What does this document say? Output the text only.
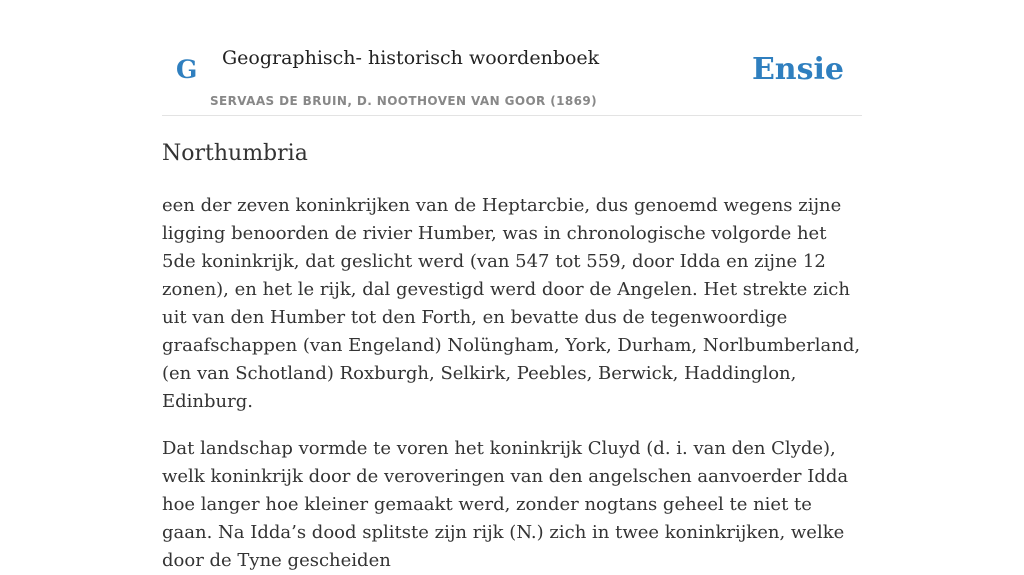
G Geographisch- historisch woordenboek
SERVAAS DE BRUIN, D. NOOTHOVEN VAN GOOR (1869)
Ensie
Northumbria

een der zeven koninkrijken van de Heptarcbie, dus genoemd wegens zijne ligging benoorden de rivier Humber, was in chronologische volgorde het 5de koninkrijk, dat geslicht werd (van 547 tot 559, door Idda en zijne 12 zonen), en het le rijk, dal gevestigd werd door de Angelen. Het strekte zich uit van den Humber tot den Forth, en bevatte dus de tegenwoordige graafschappen (van Engeland) Nolüngham, York, Durham, Norlbumberland, (en van Schotland) Roxburgh, Selkirk, Peebles, Berwick, Haddinglon, Edinburg.

Dat landschap vormde te voren het koninkrijk Cluyd (d. i. van den Clyde), welk koninkrijk door de veroveringen van den angelschen aanvoerder Idda hoe langer hoe kleiner gemaakt werd, zonder nogtans geheel te niet te gaan. Na Idda’s dood splitste zijn rijk (N.) zich in twee koninkrijken, welke door de Tyne gescheiden
